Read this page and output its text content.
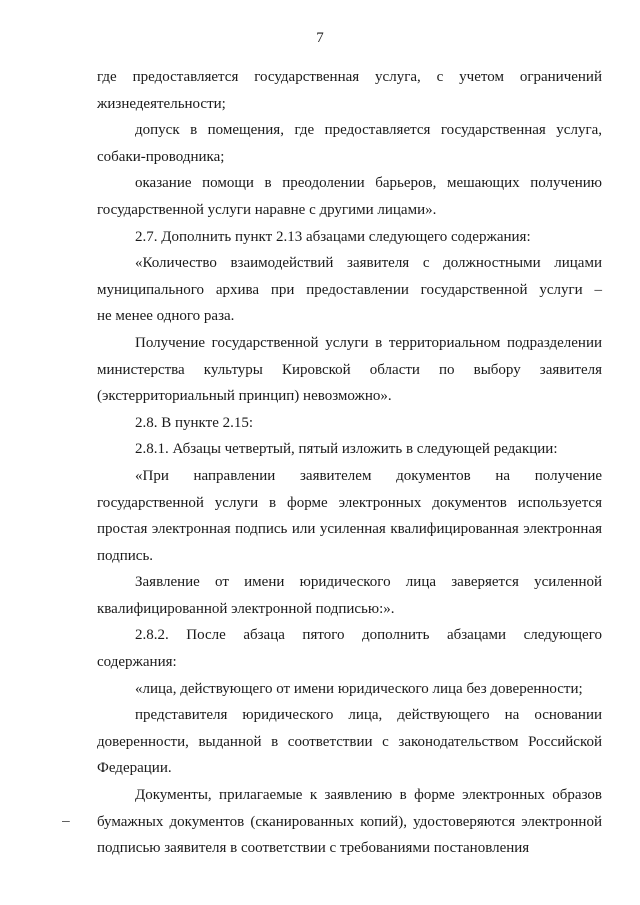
7

где предоставляется государственная услуга, с учетом ограничений
жизнедеятельности;

допуск в помещения, где предоставляется государственная услуга,
собаки-проводника;

оказание помощи в преодолении барьеров, мешающих получению
государственной услуги наравне с другими лицами».

2.7. Дополнить пункт 2.13 абзацами следующего содержания:

«Количество взаимодействий заявителя с должностными лицами
муниципального архива при предоставлении государственной услуги –
не менее одного раза.

Получение государственной услуги в территориальном подразделении
министерства культуры Кировской области по выбору заявителя
(экстерриториальный принцип) невозможно».

2.8. В пункте 2.15:

2.8.1. Абзацы четвертый, пятый изложить в следующей редакции:

«При направлении заявителем документов на получение
государственной услуги в форме электронных документов используется
простая электронная подпись или усиленная квалифицированная электронная
подпись.

Заявление от имени юридического лица заверяется усиленной
квалифицированной электронной подписью:».

2.8.2. После абзаца пятого дополнить абзацами следующего содержания:

«лица, действующего от имени юридического лица без доверенности;

представителя юридического лица, действующего на основании
доверенности, выданной в соответствии с законодательством Российской
Федерации.

Документы, прилагаемые к заявлению в форме электронных образов
бумажных документов (сканированных копий), удостоверяются электронной
подписью заявителя в соответствии с требованиями постановления

–
